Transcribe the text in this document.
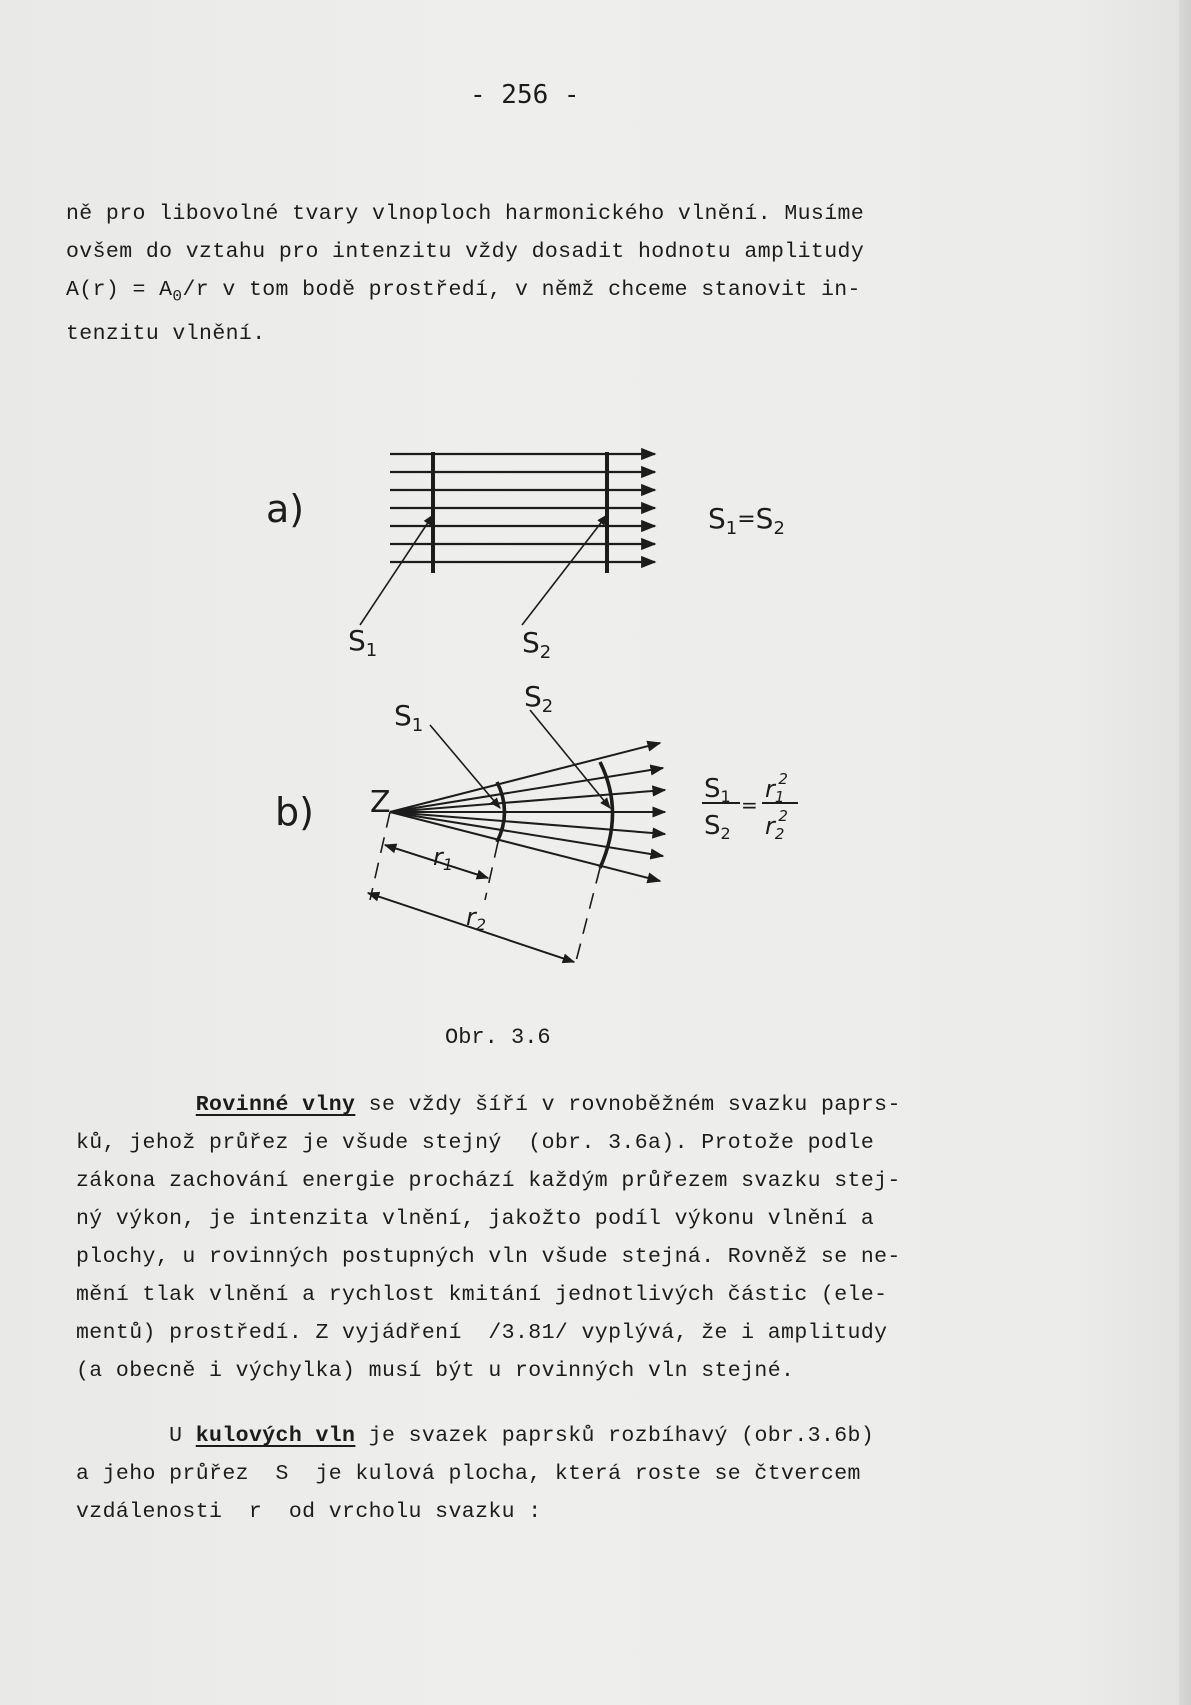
- 256 -

ně pro libovolné tvary vlnoploch harmonického vlnění. Musíme
ovšem do vztahu pro intenzitu vždy dosadit hodnotu amplitudy
$A(r) = A_0/r$ v tom bodě prostředí, v němž chceme stanovit in-
tenzitu vlnění.

a)
$S_1$	$S_2$
$S_1^=S_2$
$S_1$
$S_2$
b) Z
$r_1$
$r_2$
S1
S2
=
$r_12$
$r_22$
Obr. 3.6

Rovinné vlny se vždy šíří v rovnoběžném svazku paprs-
ků, jehož průřez je všude stejný  (obr. 3.6a). Protože podle
zákona zachování energie prochází každým průřezem svazku stej-
ný výkon, je intenzita vlnění, jakožto podíl výkonu vlnění a
plochy, u rovinných postupných vln všude stejná. Rovněž se ne-
mění tlak vlnění a rychlost kmitání jednotlivých částic (ele-
mentů) prostředí. Z vyjádření  /3.81/ vyplývá, že i amplitudy
(a obecně i výchylka) musí být u rovinných vln stejné.

U kulových vln je svazek paprsků rozbíhavý (obr.3.6b)
a jeho průřez  S  je kulová plocha, která roste se čtvercem
vzdálenosti  r  od vrcholu svazku :
